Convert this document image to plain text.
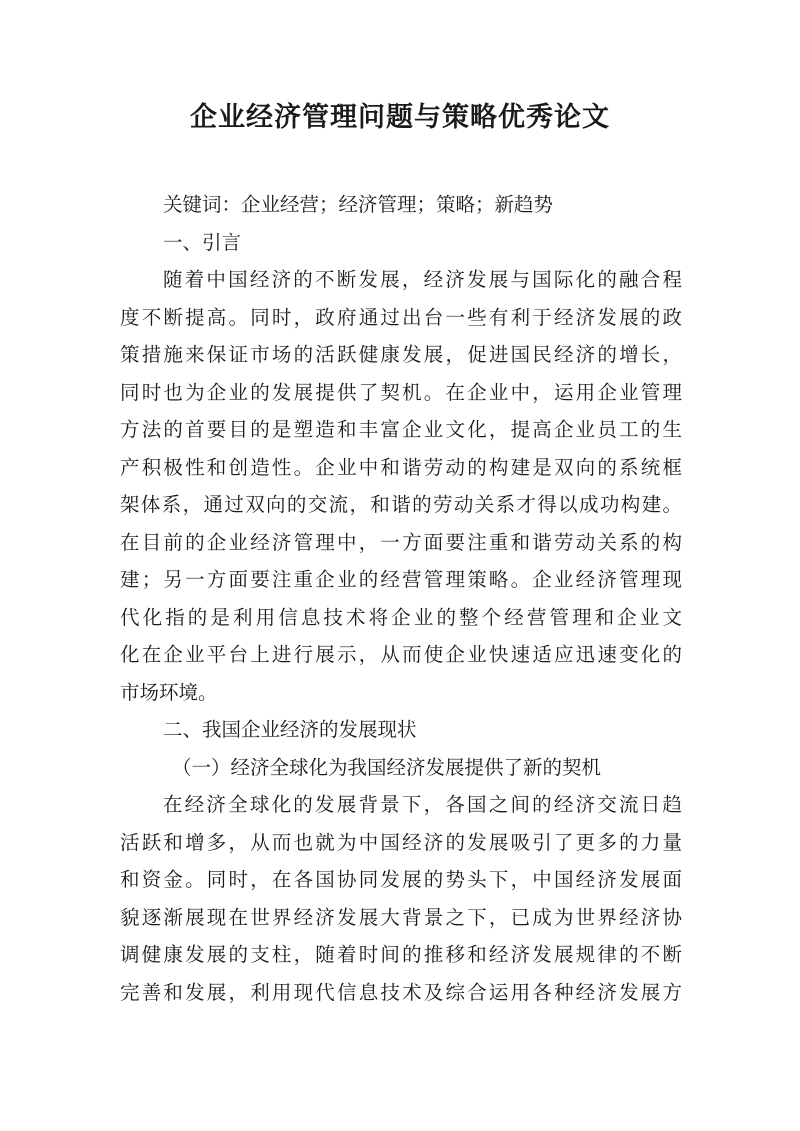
企业经济管理问题与策略优秀论文
关键词：企业经营；经济管理；策略；新趋势
一、引言
随着中国经济的不断发展，经济发展与国际化的融合程
度不断提高。同时，政府通过出台一些有利于经济发展的政
策措施来保证市场的活跃健康发展，促进国民经济的增长，
同时也为企业的发展提供了契机。在企业中，运用企业管理
方法的首要目的是塑造和丰富企业文化，提高企业员工的生
产积极性和创造性。企业中和谐劳动的构建是双向的系统框
架体系，通过双向的交流，和谐的劳动关系才得以成功构建。
在目前的企业经济管理中，一方面要注重和谐劳动关系的构
建；另一方面要注重企业的经营管理策略。企业经济管理现
代化指的是利用信息技术将企业的整个经营管理和企业文
化在企业平台上进行展示，从而使企业快速适应迅速变化的
市场环境。
二、我国企业经济的发展现状
（一）经济全球化为我国经济发展提供了新的契机
在经济全球化的发展背景下，各国之间的经济交流日趋
活跃和增多，从而也就为中国经济的发展吸引了更多的力量
和资金。同时，在各国协同发展的势头下，中国经济发展面
貌逐渐展现在世界经济发展大背景之下，已成为世界经济协
调健康发展的支柱，随着时间的推移和经济发展规律的不断
完善和发展，利用现代信息技术及综合运用各种经济发展方
